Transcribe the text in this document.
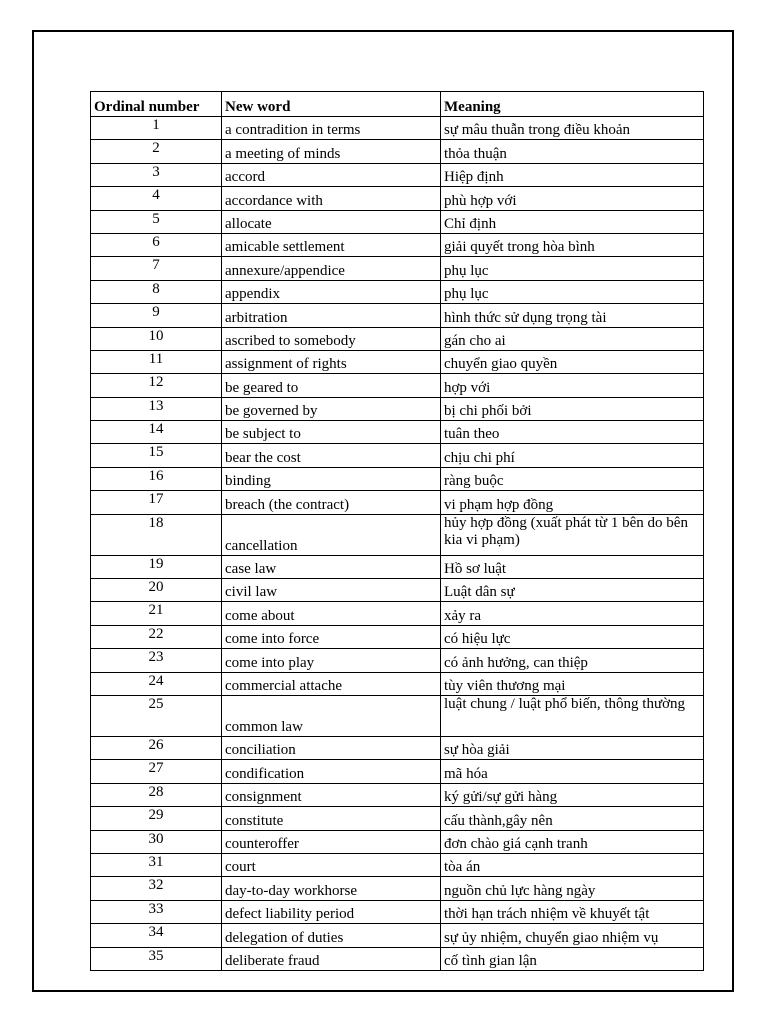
Ordinal number	New word	Meaning
1	a contradition in terms	sự mâu thuẫn trong điều khoản
2	a meeting of minds	thỏa thuận
3	accord	Hiệp định
4	accordance with	phù hợp với
5	allocate	Chỉ định
6	amicable settlement	giải quyết trong hòa bình
7	annexure/appendice	phụ lục
8	appendix	phụ lục
9	arbitration	hình thức sử dụng trọng tài
10	ascribed to somebody	gán cho ai
11	assignment of rights	chuyển giao quyền
12	be geared to	hợp với
13	be governed by	bị chi phối bởi
14	be subject to	tuân theo
15	bear the cost	chịu chi phí
16	binding	ràng buộc
17	breach (the contract)	vi phạm hợp đồng
18	cancellation	hủy hợp đồng (xuất phát từ 1 bên do bên kia vi phạm)
19	case law	Hồ sơ luật
20	civil law	Luật dân sự
21	come about	xảy ra
22	come into force	có hiệu lực
23	come into play	có ảnh hưởng, can thiệp
24	commercial attache	tùy viên thương mại
25	common law	luật chung / luật phổ biến, thông thường
26	conciliation	sự hòa giải
27	condification	mã hóa
28	consignment	ký gửi/sự gửi hàng
29	constitute	cấu thành,gây nên
30	counteroffer	đơn chào giá cạnh tranh
31	court	tòa án
32	day-to-day workhorse	nguồn chủ lực hàng ngày
33	defect liability period	thời hạn trách nhiệm về khuyết tật
34	delegation of duties	sự ủy nhiệm, chuyển giao nhiệm vụ
35	deliberate fraud	cố tình gian lận
